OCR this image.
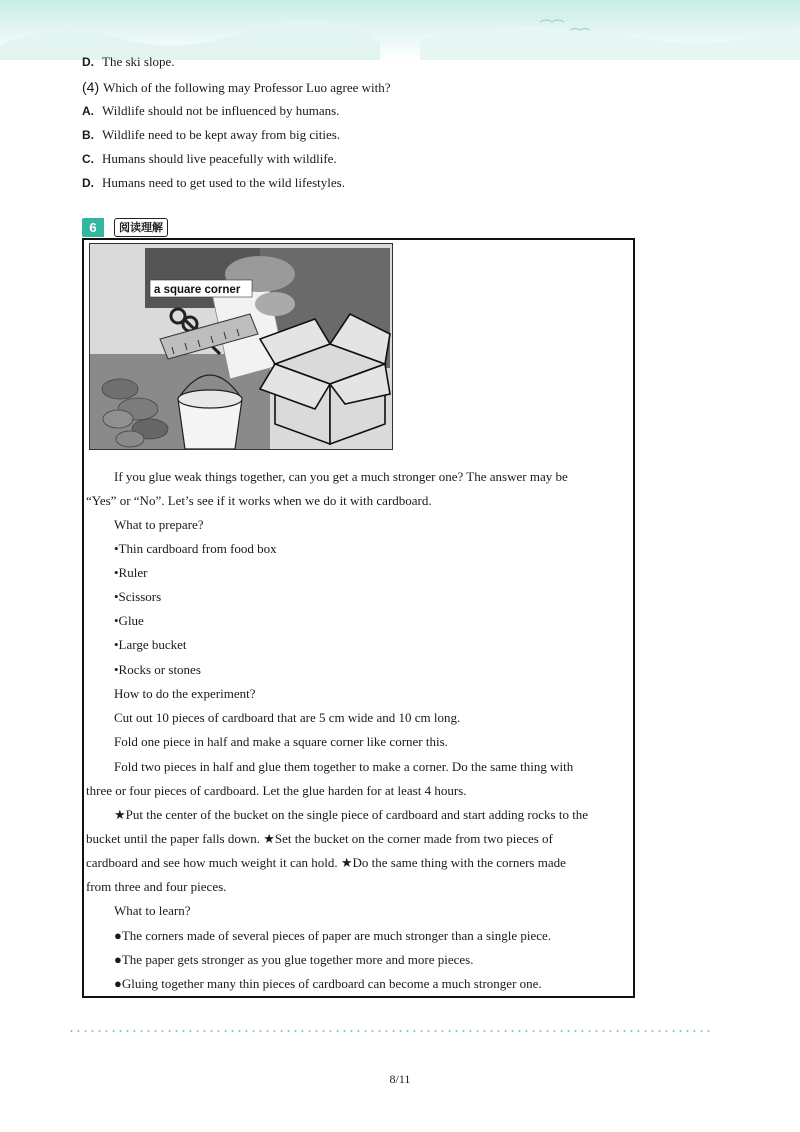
D. The ski slope.
(4) Which of the following may Professor Luo agree with?
A. Wildlife should not be influenced by humans.
B. Wildlife need to be kept away from big cities.
C. Humans should live peacefully with wildlife.
D. Humans need to get used to the wild lifestyles.
6	阅读理解
a square corner
If you glue weak things together, can you get a much stronger one? The answer may be
“Yes” or “No”. Let’s see if it works when we do it with cardboard.
What to prepare?
•Thin cardboard from food box
•Ruler
•Scissors
•Glue
•Large bucket
•Rocks or stones
How to do the experiment?
Cut out 10 pieces of cardboard that are 5 cm wide and 10 cm long.
Fold one piece in half and make a square corner like corner this.
Fold two pieces in half and glue them together to make a corner. Do the same thing with
three or four pieces of cardboard. Let the glue harden for at least 4 hours.
★Put the center of the bucket on the single piece of cardboard and start adding rocks to the
bucket until the paper falls down. ★Set the bucket on the corner made from two pieces of
cardboard and see how much weight it can hold. ★Do the same thing with the corners made
from three and four pieces.
What to learn?
●The corners made of several pieces of paper are much stronger than a single piece.
●The paper gets stronger as you glue together more and more pieces.
●Gluing together many thin pieces of cardboard can become a much stronger one.
8/11
